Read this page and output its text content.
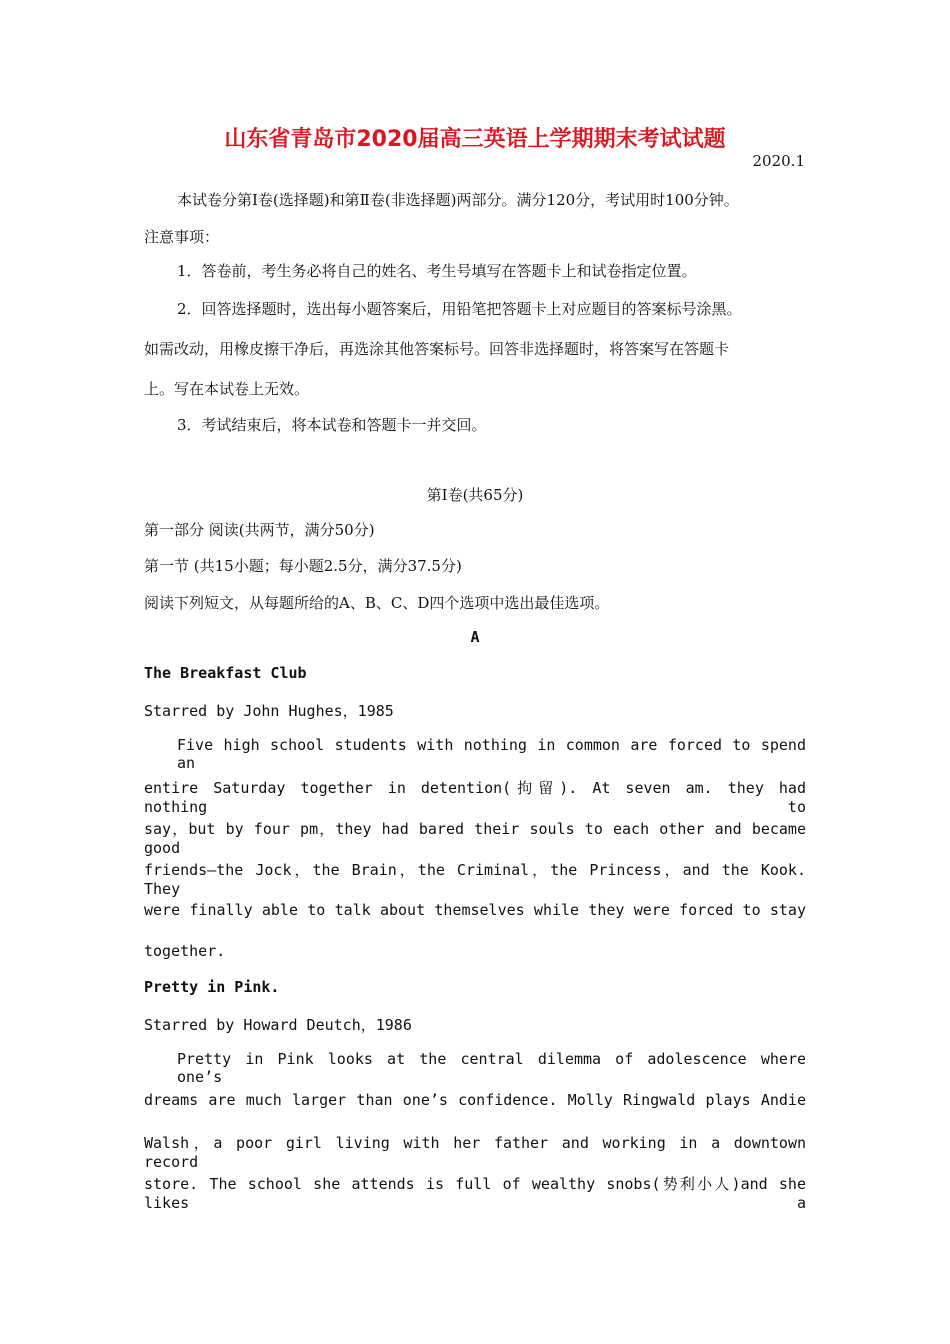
山东省青岛市2020届高三英语上学期期末考试试题
2020.1
本试卷分第Ⅰ卷(选择题)和第Ⅱ卷(非选择题)两部分。满分120分，考试用时100分钟。
注意事项：
1．答卷前，考生务必将自己的姓名、考生号填写在答题卡上和试卷指定位置。
2．回答选择题时，选出每小题答案后，用铅笔把答题卡上对应题目的答案标号涂黑。
如需改动，用橡皮擦干净后，再选涂其他答案标号。回答非选择题时，将答案写在答题卡
上。写在本试卷上无效。
3．考试结束后，将本试卷和答题卡一并交回。
第Ⅰ卷(共65分)
第一部分 阅读(共两节，满分50分)
第一节 (共15小题；每小题2.5分，满分37.5分)
阅读下列短文，从每题所给的A、B、C、D四个选项中选出最佳选项。
A
The Breakfast Club
Starred by John Hughes，1985
Five high school students with nothing in common are forced to spend an
entire Saturday together in detention(拘留). At seven am. they had nothing to
say，but by four pm，they had bared their souls to each other and became good
friends—the Jock，the Brain，the Criminal，the Princess，and the Kook. They
were finally able to talk about themselves while they were forced to stay
together.
Pretty in Pink.
Starred by Howard Deutch，1986
Pretty in Pink looks at the central dilemma of adolescence where one’s
dreams are much larger than one’s confidence. Molly Ringwald plays Andie
Walsh，a poor girl living with her father and working in a downtown record
store. The school she attends is full of wealthy snobs(势利小人)and she likes a
